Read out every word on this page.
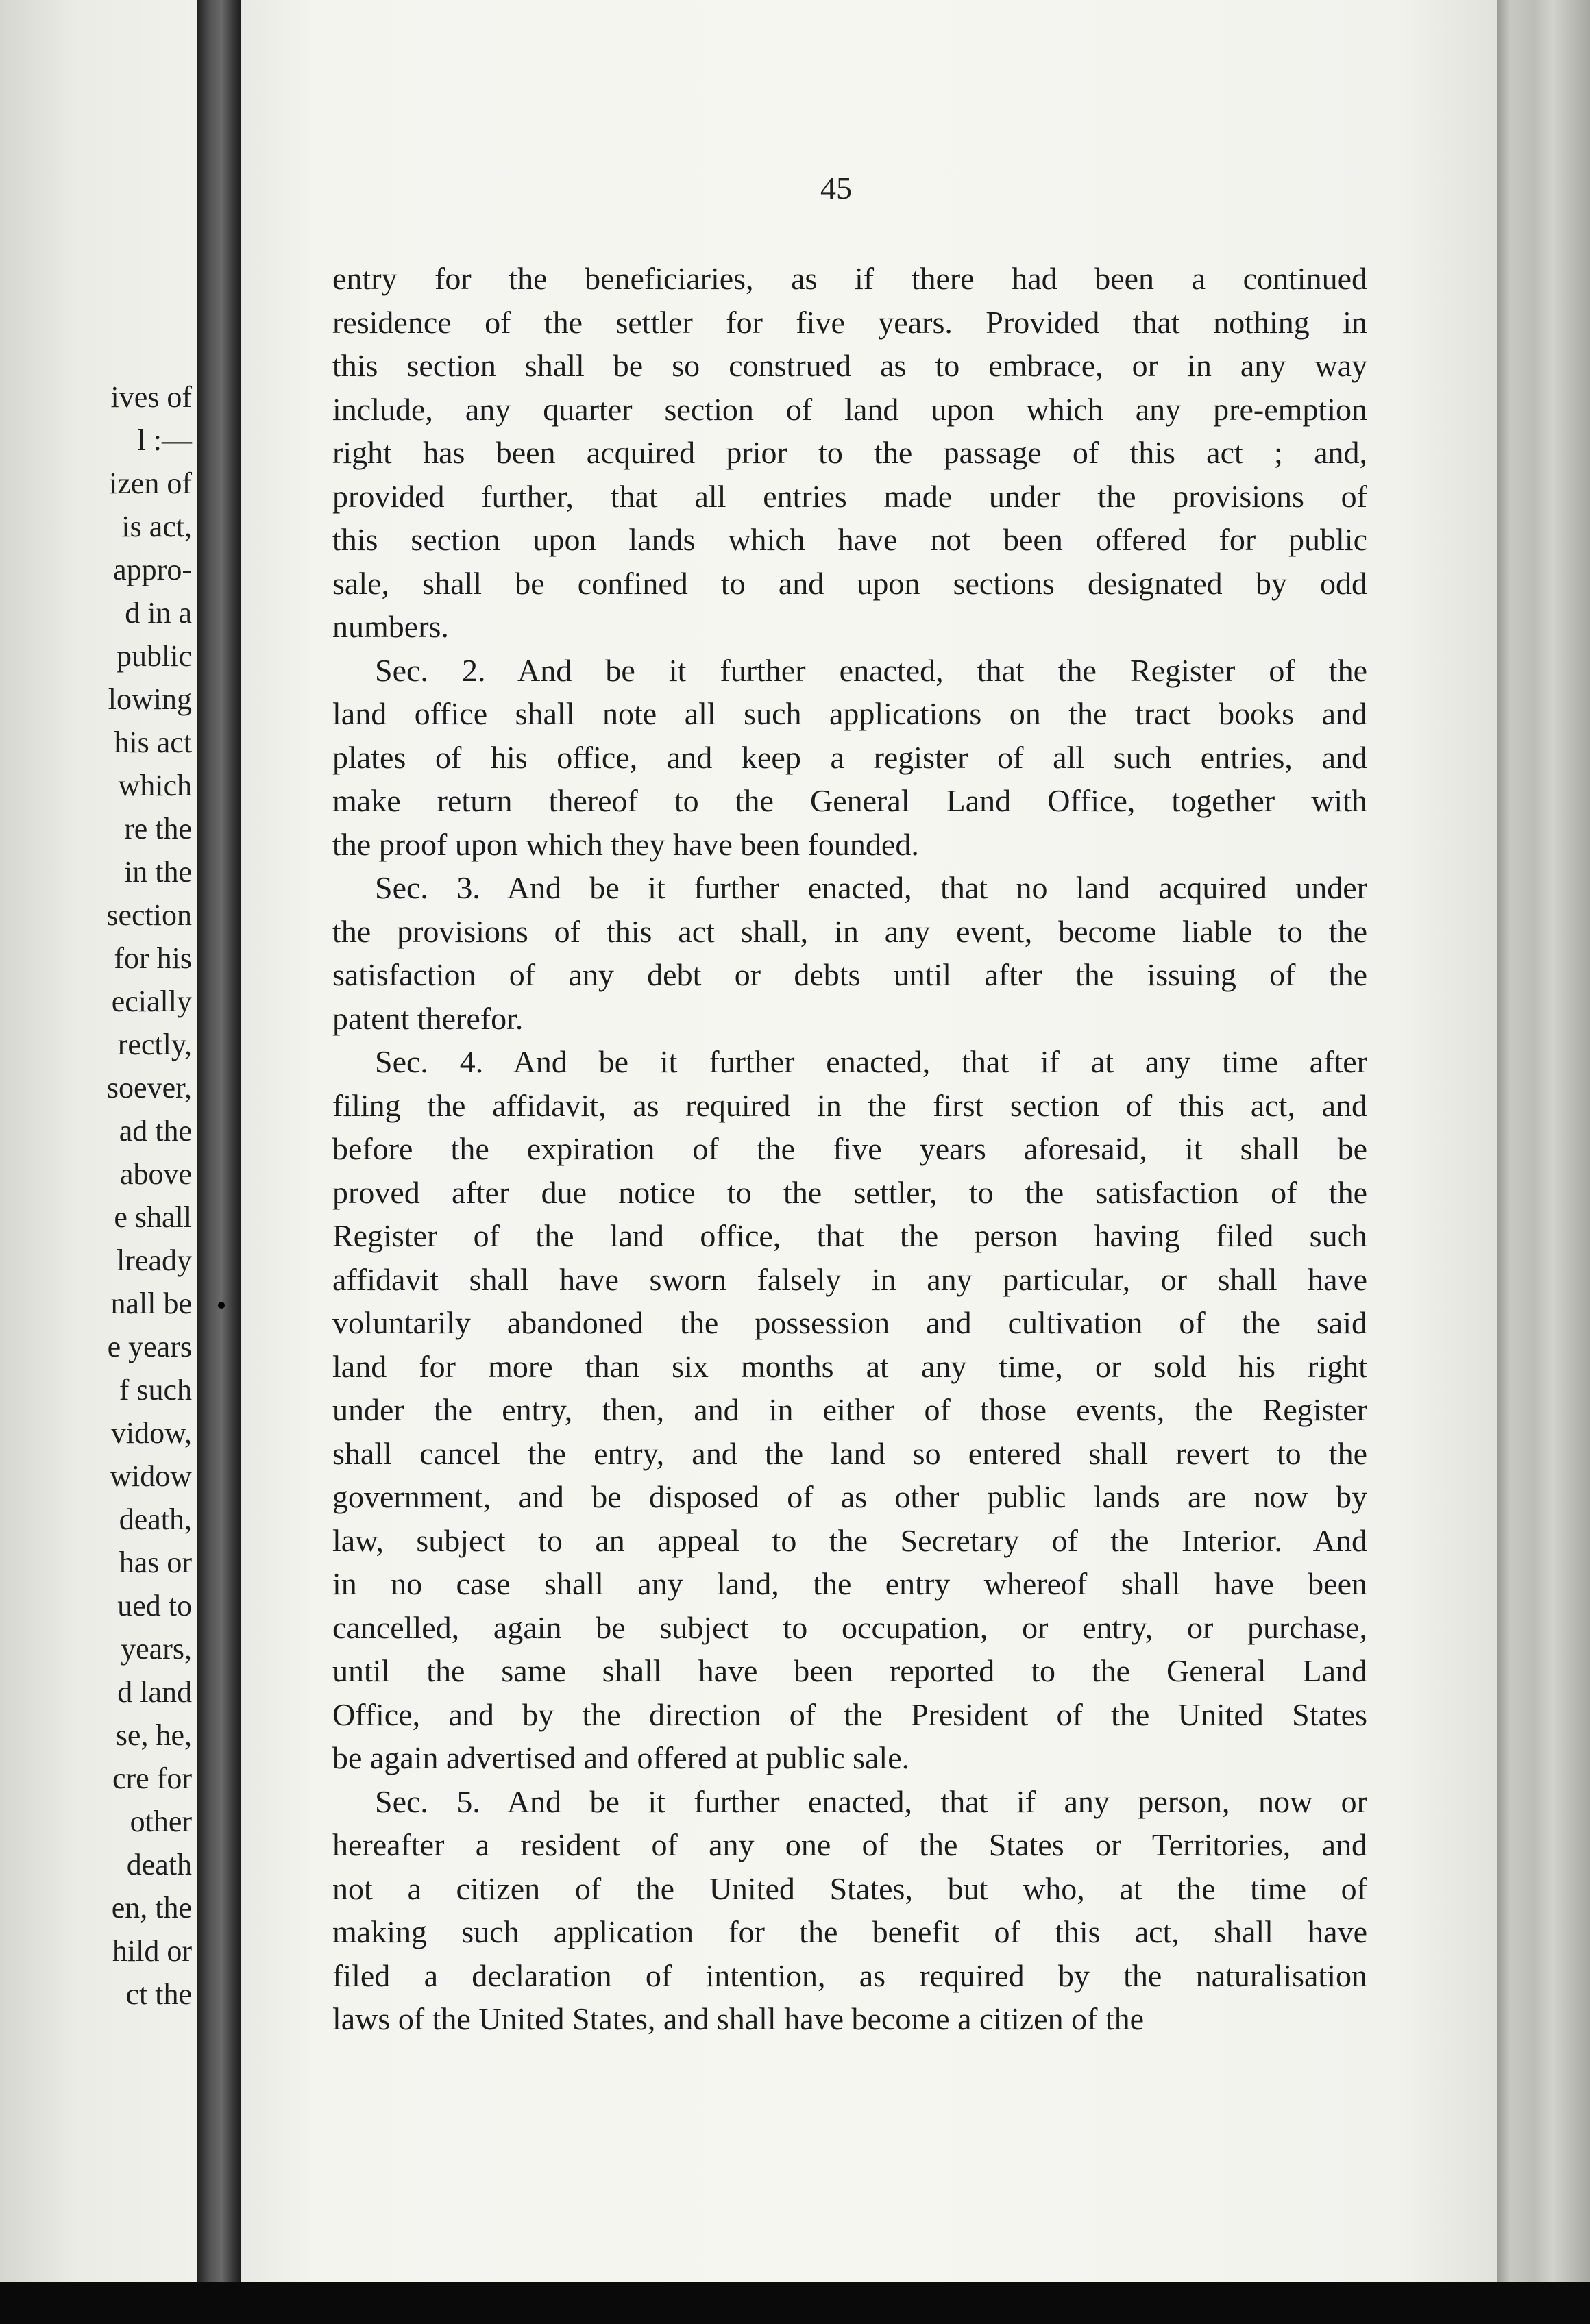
ives of
l :—
izen of
is act,
appro-
d in a
public
lowing
his act
which
re the
in the
section
for his
ecially
rectly,
soever,
ad the
above
e shall
lready
nall be
e years
f such
vidow,
widow
death,
has or
ued to
years,
d land
se, he,
cre for
other
death
en, the
hild or
ct the
45
entry for the beneficiaries, as if there had been a continued
residence of the settler for five years. Provided that nothing in
this section shall be so construed as to embrace, or in any way
include, any quarter section of land upon which any pre-emption
right has been acquired prior to the passage of this act ; and,
provided further, that all entries made under the provisions of
this section upon lands which have not been offered for public
sale, shall be confined to and upon sections designated by odd
numbers.
Sec. 2. And be it further enacted, that the Register of the
land office shall note all such applications on the tract books and
plates of his office, and keep a register of all such entries, and
make return thereof to the General Land Office, together with
the proof upon which they have been founded.
Sec. 3. And be it further enacted, that no land acquired under
the provisions of this act shall, in any event, become liable to the
satisfaction of any debt or debts until after the issuing of the
patent therefor.
Sec. 4. And be it further enacted, that if at any time after
filing the affidavit, as required in the first section of this act, and
before the expiration of the five years aforesaid, it shall be
proved after due notice to the settler, to the satisfaction of the
Register of the land office, that the person having filed such
affidavit shall have sworn falsely in any particular, or shall have
voluntarily abandoned the possession and cultivation of the said
land for more than six months at any time, or sold his right
under the entry, then, and in either of those events, the Register
shall cancel the entry, and the land so entered shall revert to the
government, and be disposed of as other public lands are now by
law, subject to an appeal to the Secretary of the Interior. And
in no case shall any land, the entry whereof shall have been
cancelled, again be subject to occupation, or entry, or purchase,
until the same shall have been reported to the General Land
Office, and by the direction of the President of the United States
be again advertised and offered at public sale.
Sec. 5. And be it further enacted, that if any person, now or
hereafter a resident of any one of the States or Territories, and
not a citizen of the United States, but who, at the time of
making such application for the benefit of this act, shall have
filed a declaration of intention, as required by the naturalisation
laws of the United States, and shall have become a citizen of the
